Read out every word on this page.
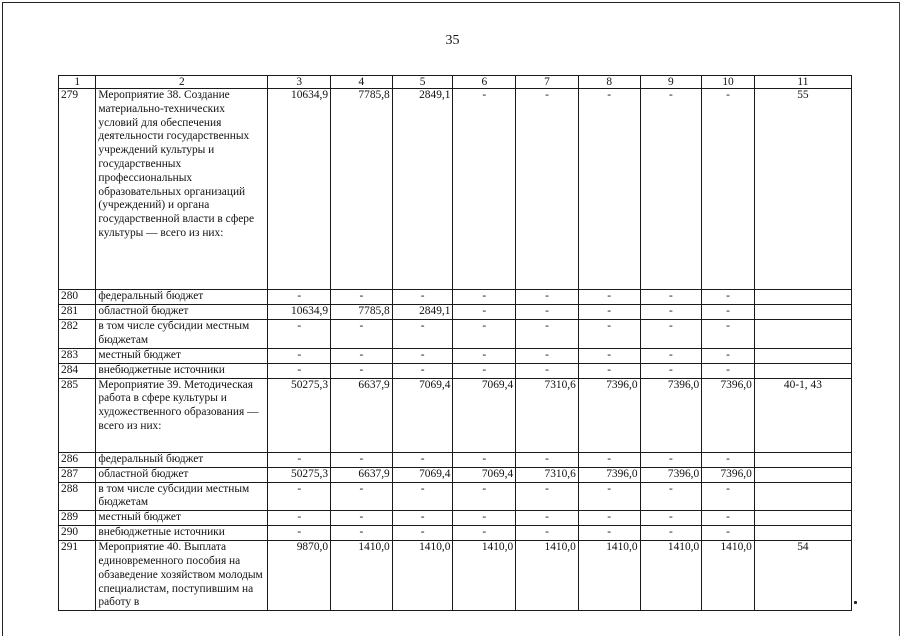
35
1	2	3	4	5	6	7	8	9	10	11
279	Мероприятие 38. Создание материально-технических условий для обеспечения деятельности государственных учреждений культуры и государственных профессиональных образовательных организаций (учреждений) и органа государственной власти в сфере культуры — всего из них:	10634,9	7785,8	2849,1	-	-	-	-	-	55
280	федеральный бюджет	-	-	-	-	-	-	-	-	
281	областной бюджет	10634,9	7785,8	2849,1	-	-	-	-	-	
282	в том числе субсидии местным бюджетам	-	-	-	-	-	-	-	-	
283	местный бюджет	-	-	-	-	-	-	-	-	
284	внебюджетные источники	-	-	-	-	-	-	-	-	
285	Мероприятие 39. Методическая работа в сфере культуры и художественного образования — всего из них:	50275,3	6637,9	7069,4	7069,4	7310,6	7396,0	7396,0	7396,0	40-1, 43
286	федеральный бюджет	-	-	-	-	-	-	-	-	
287	областной бюджет	50275,3	6637,9	7069,4	7069,4	7310,6	7396,0	7396,0	7396,0	
288	в том числе субсидии местным бюджетам	-	-	-	-	-	-	-	-	
289	местный бюджет	-	-	-	-	-	-	-	-	
290	внебюджетные источники	-	-	-	-	-	-	-	-	
291	Мероприятие 40. Выплата единовременного пособия на обзаведение хозяйством молодым специалистам, поступившим на работу в	9870,0	1410,0	1410,0	1410,0	1410,0	1410,0	1410,0	1410,0	54
